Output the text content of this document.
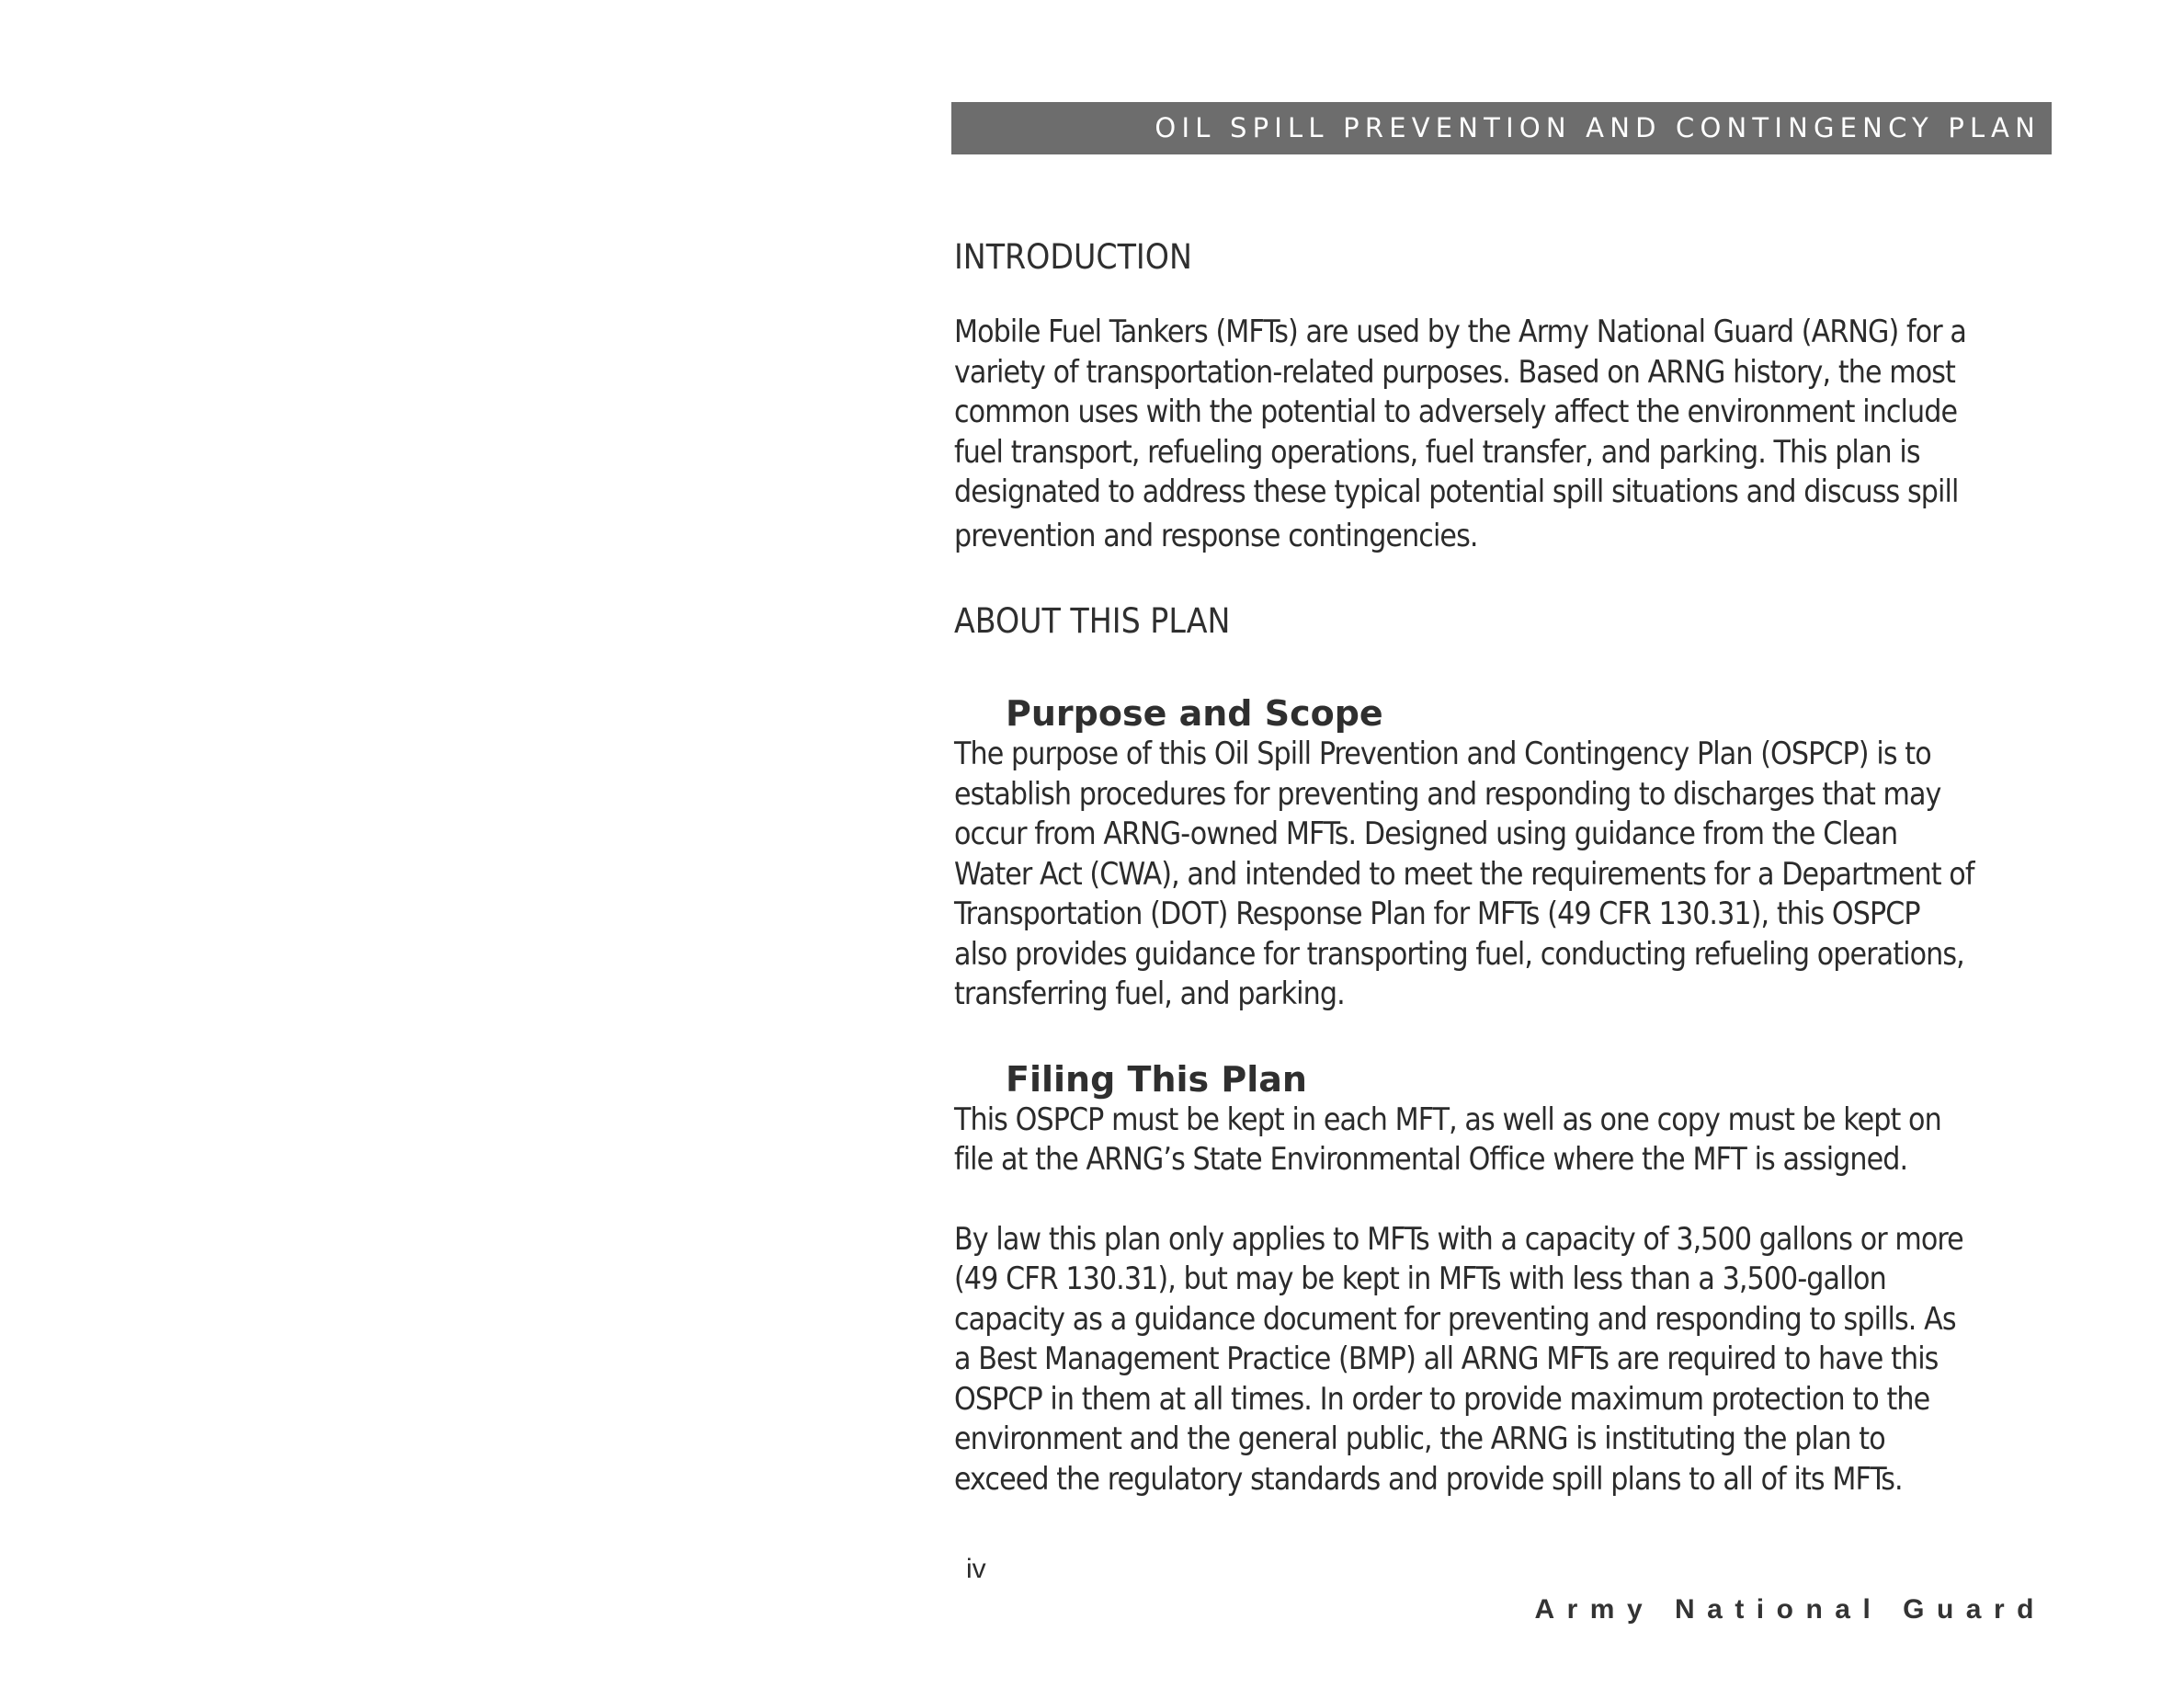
OIL SPILL PREVENTION AND CONTINGENCY PLAN
INTRODUCTION
Mobile Fuel Tankers (MFTs) are used by the Army National Guard (ARNG) for a
variety of transportation-related purposes. Based on ARNG history, the most
common uses with the potential to adversely affect the environment include
fuel transport, refueling operations, fuel transfer, and parking. This plan is
designated to address these typical potential spill situations and discuss spill
prevention and response contingencies.
ABOUT THIS PLAN
Purpose and Scope
The purpose of this Oil Spill Prevention and Contingency Plan (OSPCP) is to
establish procedures for preventing and responding to discharges that may
occur from ARNG-owned MFTs. Designed using guidance from the Clean
Water Act (CWA), and intended to meet the requirements for a Department of
Transportation (DOT) Response Plan for MFTs (49 CFR 130.31), this OSPCP
also provides guidance for transporting fuel, conducting refueling operations,
transferring fuel, and parking.
Filing This Plan
This OSPCP must be kept in each MFT, as well as one copy must be kept on
file at the ARNG’s State Environmental Office where the MFT is assigned.
By law this plan only applies to MFTs with a capacity of 3,500 gallons or more
(49 CFR 130.31), but may be kept in MFTs with less than a 3,500-gallon
capacity as a guidance document for preventing and responding to spills. As
a Best Management Practice (BMP) all ARNG MFTs are required to have this
OSPCP in them at all times. In order to provide maximum protection to the
environment and the general public, the ARNG is instituting the plan to
exceed the regulatory standards and provide spill plans to all of its MFTs.
iv
Army National Guard
